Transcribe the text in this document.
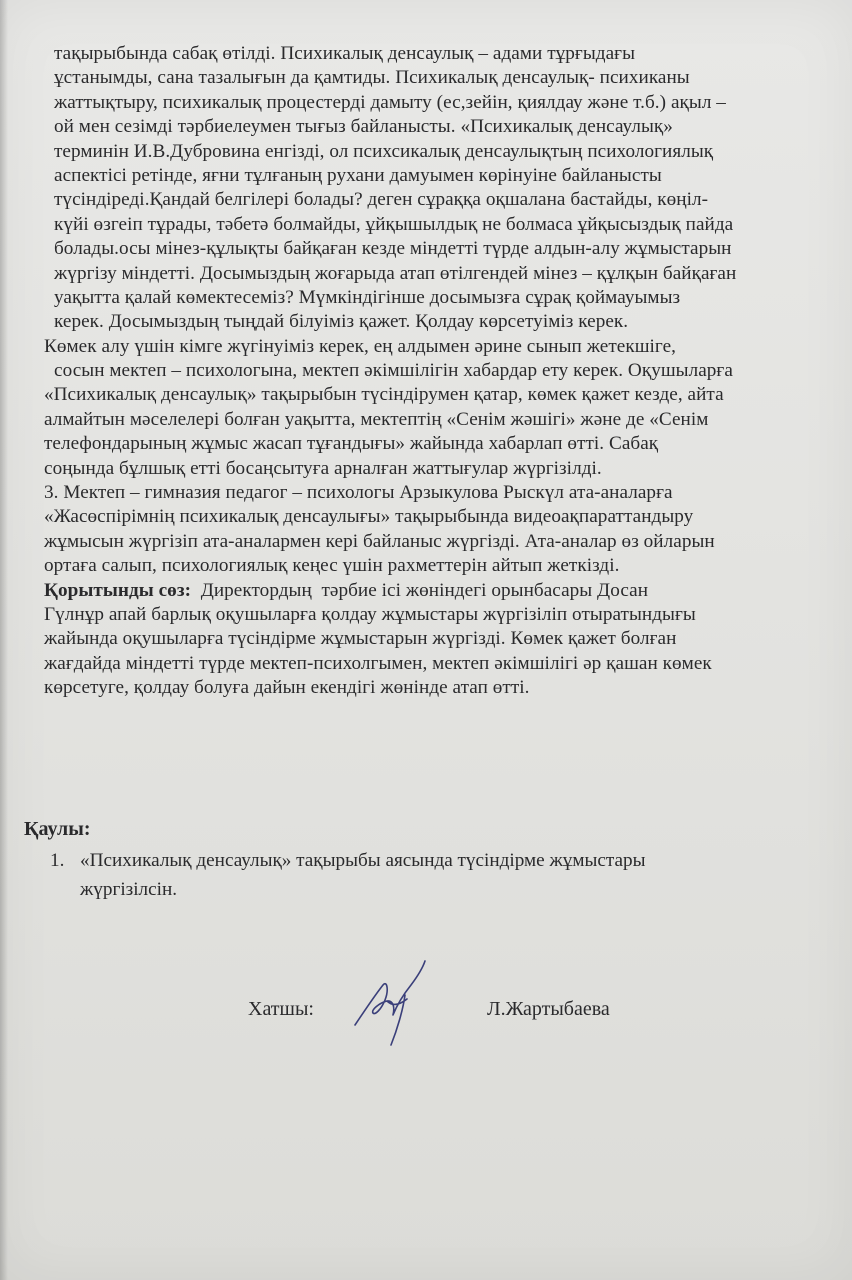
тақырыбында сабақ өтілді. Психикалық денсаулық – адами тұрғыдағы
ұстанымды, сана тазалығын да қамтиды. Психикалық денсаулық- психиканы
жаттықтыру, психикалық процестерді дамыту (ес,зейін, қиялдау және т.б.) ақыл –
ой мен сезімді тәрбиелеумен тығыз байланысты. «Психикалық денсаулық»
терминін И.В.Дубровина енгізді, ол психсикалық денсаулықтың психологиялық
аспектісі ретінде, яғни тұлғаның рухани дамуымен көрінуіне байланысты
түсіндіреді.Қандай белгілері болады? деген сұраққа оқшалана бастайды, көңіл-
күйі өзгеіп тұрады, тәбетә болмайды, ұйқышылдық не болмаса ұйқысыздық пайда
болады.осы мінез-құлықты байқаған кезде міндетті түрде алдын-алу жұмыстарын
жүргізу міндетті. Досымыздың жоғарыда атап өтілгендей мінез – құлқын байқаған
уақытта қалай көмектесеміз? Мүмкіндігінше досымызға сұрақ қоймауымыз
керек. Досымыздың тыңдай білуіміз қажет. Қолдау көрсетуіміз керек.
Көмек алу үшін кімге жүгінуіміз керек, ең алдымен әрине сынып жетекшіге,
сосын мектеп – психологына, мектеп әкімшілігін хабардар ету керек. Оқушыларға
«Психикалық денсаулық» тақырыбын түсіндірумен қатар, көмек қажет кезде, айта
алмайтын мәселелері болған уақытта, мектептің «Сенім жәшігі» және де «Сенім
телефондарының жұмыс жасап тұғандығы» жайында хабарлап өтті. Сабақ
соңында бұлшық етті босаңсытуға арналған жаттығулар жүргізілді.
3. Мектеп – гимназия педагог – психологы Арзыкулова Рыскүл ата-аналарға
«Жасөспірімнің психикалық денсаулығы» тақырыбында видеоақпараттандыру
жұмысын жүргізіп ата-аналармен кері байланыс жүргізді. Ата-аналар өз ойларын
ортаға салып, психологиялық кеңес үшін рахметтерін айтып жеткізді.
Қорытынды сөз:  Директордың  тәрбие ісі жөніндегі орынбасары Досан
Гүлнұр апай барлық оқушыларға қолдау жұмыстары жүргізіліп отыратындығы
жайында оқушыларға түсіндірме жұмыстарын жүргізді. Көмек қажет болған
жағдайда міндетті түрде мектеп-психолгымен, мектеп әкімшілігі әр қашан көмек
көрсетуге, қолдау болуға дайын екендігі жөнінде атап өтті.
Қаулы:
1. «Психикалық денсаулық» тақырыбы аясында түсіндірме жұмыстары
жүргізілсін.
Хатшы:	Л.Жартыбаева
